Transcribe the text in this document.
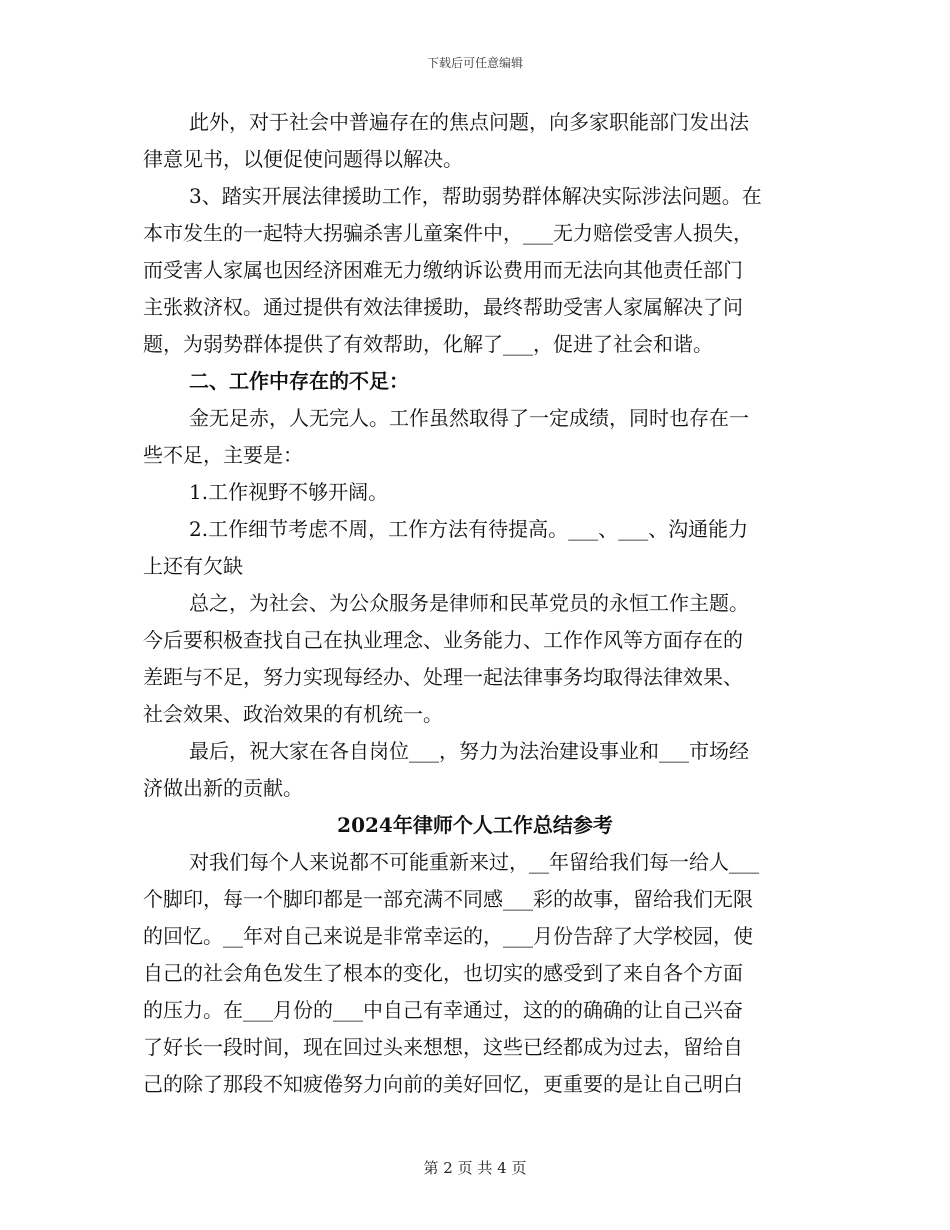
下载后可任意编辑
此外，对于社会中普遍存在的焦点问题，向多家职能部门发出法
律意见书，以便促使问题得以解决。
3、踏实开展法律援助工作，帮助弱势群体解决实际涉法问题。在
本市发生的一起特大拐骗杀害儿童案件中，___无力赔偿受害人损失，
而受害人家属也因经济困难无力缴纳诉讼费用而无法向其他责任部门
主张救济权。通过提供有效法律援助，最终帮助受害人家属解决了问
题，为弱势群体提供了有效帮助，化解了___，促进了社会和谐。
二、工作中存在的不足：
金无足赤，人无完人。工作虽然取得了一定成绩，同时也存在一
些不足，主要是：
1.工作视野不够开阔。
2.工作细节考虑不周，工作方法有待提高。___、___、沟通能力
上还有欠缺
总之，为社会、为公众服务是律师和民革党员的永恒工作主题。
今后要积极查找自己在执业理念、业务能力、工作作风等方面存在的
差距与不足，努力实现每经办、处理一起法律事务均取得法律效果、
社会效果、政治效果的有机统一。
最后，祝大家在各自岗位___，努力为法治建设事业和___市场经
济做出新的贡献。
2024年律师个人工作总结参考
对我们每个人来说都不可能重新来过，__年留给我们每一给人___
个脚印，每一个脚印都是一部充满不同感___彩的故事，留给我们无限
的回忆。__年对自己来说是非常幸运的，___月份告辞了大学校园，使
自己的社会角色发生了根本的变化，也切实的感受到了来自各个方面
的压力。在___月份的___中自己有幸通过，这的的确确的让自己兴奋
了好长一段时间，现在回过头来想想，这些已经都成为过去，留给自
己的除了那段不知疲倦努力向前的美好回忆，更重要的是让自己明白
第 2 页 共 4 页
